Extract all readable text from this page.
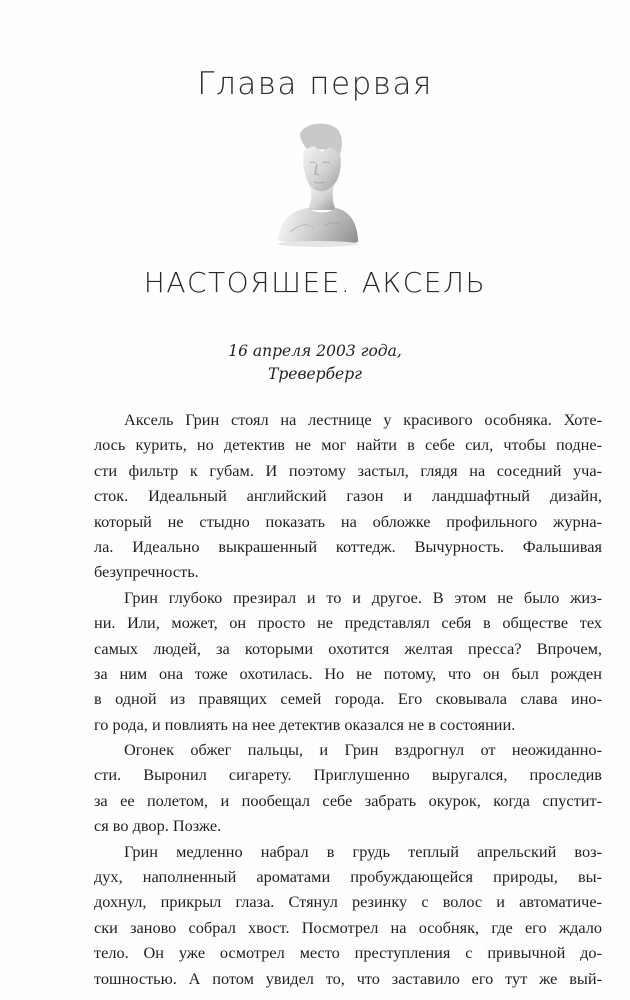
Глава первая
НАСТОЯШЕЕ. АКСЕЛЬ
16 апреля 2003 года,
Треверберг
Аксель Грин стоял на лестнице у красивого особняка. Хоте-
лось курить, но детектив не мог найти в себе сил, чтобы подне-
сти фильтр к губам. И поэтому застыл, глядя на соседний уча-
сток. Идеальный английский газон и ландшафтный дизайн,
который не стыдно показать на обложке профильного журна-
ла. Идеально выкрашенный коттедж. Вычурность. Фальшивая
безупречность.
Грин глубоко презирал и то и другое. В этом не было жиз-
ни. Или, может, он просто не представлял себя в обществе тех
самых людей, за которыми охотится желтая пресса? Впрочем,
за ним она тоже охотилась. Но не потому, что он был рожден
в одной из правящих семей города. Его сковывала слава ино-
го рода, и повлиять на нее детектив оказался не в состоянии.
Огонек обжег пальцы, и Грин вздрогнул от неожиданно-
сти. Выронил сигарету. Приглушенно выругался, проследив
за ее полетом, и пообещал себе забрать окурок, когда спустит-
ся во двор. Позже.
Грин медленно набрал в грудь теплый апрельский воз-
дух, наполненный ароматами пробуждающейся природы, вы-
дохнул, прикрыл глаза. Стянул резинку с волос и автоматиче-
ски заново собрал хвост. Посмотрел на особняк, где его ждало
тело. Он уже осмотрел место преступления с привычной до-
тошностью. А потом увидел то, что заставило его тут же вый-
